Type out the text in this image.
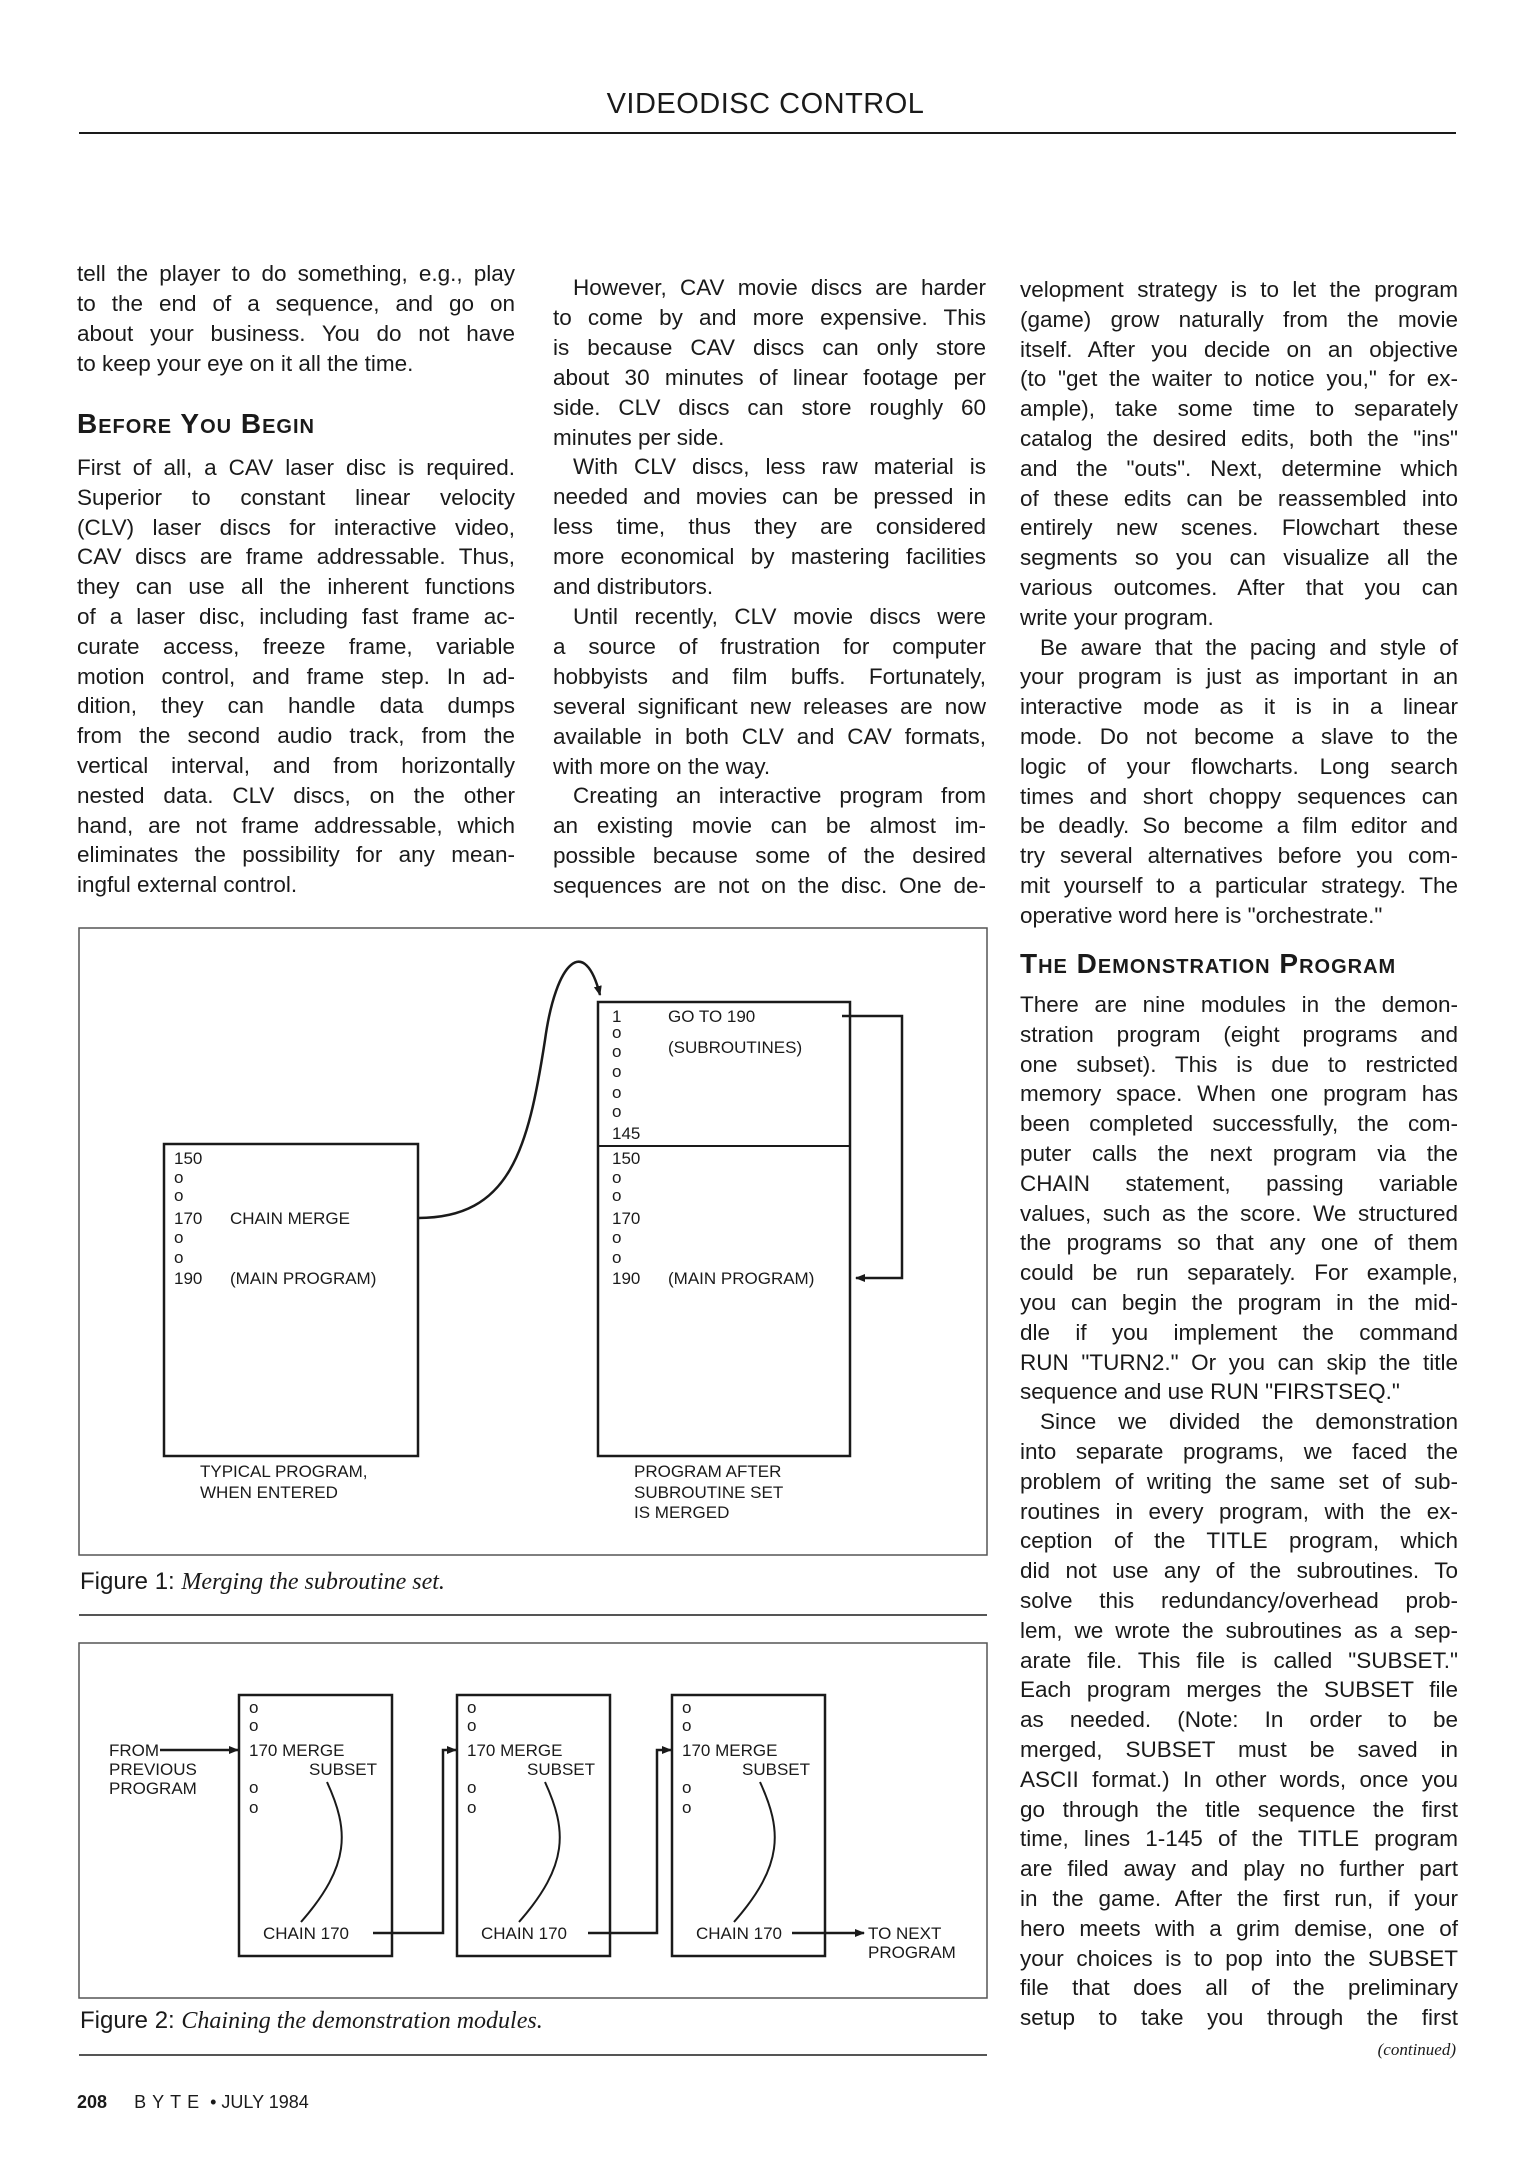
VIDEODISC CONTROL
tell the player to do something, e.g., play
to the end of a sequence, and go on
about your business. You do not have
to keep your eye on it all the time.
Before You Begin
First of all, a CAV laser disc is required.
Superior to constant linear velocity
(CLV) laser discs for interactive video,
CAV discs are frame addressable. Thus,
they can use all the inherent functions
of a laser disc, including fast frame ac-
curate access, freeze frame, variable
motion control, and frame step. In ad-
dition, they can handle data dumps
from the second audio track, from the
vertical interval, and from horizontally
nested data. CLV discs, on the other
hand, are not frame addressable, which
eliminates the possibility for any mean-
ingful external control.
However, CAV movie discs are harder
to come by and more expensive. This
is because CAV discs can only store
about 30 minutes of linear footage per
side. CLV discs can store roughly 60
minutes per side.
With CLV discs, less raw material is
needed and movies can be pressed in
less time, thus they are considered
more economical by mastering facilities
and distributors.
Until recently, CLV movie discs were
a source of frustration for computer
hobbyists and film buffs. Fortunately,
several significant new releases are now
available in both CLV and CAV formats,
with more on the way.
Creating an interactive program from
an existing movie can be almost im-
possible because some of the desired
sequences are not on the disc. One de-
velopment strategy is to let the program
(game) grow naturally from the movie
itself. After you decide on an objective
(to "get the waiter to notice you," for ex-
ample), take some time to separately
catalog the desired edits, both the "ins"
and the "outs". Next, determine which
of these edits can be reassembled into
entirely new scenes. Flowchart these
segments so you can visualize all the
various outcomes. After that you can
write your program.
Be aware that the pacing and style of
your program is just as important in an
interactive mode as it is in a linear
mode. Do not become a slave to the
logic of your flowcharts. Long search
times and short choppy sequences can
be deadly. So become a film editor and
try several alternatives before you com-
mit yourself to a particular strategy. The
operative word here is "orchestrate."
The Demonstration Program
There are nine modules in the demon-
stration program (eight programs and
one subset). This is due to restricted
memory space. When one program has
been completed successfully, the com-
puter calls the next program via the
CHAIN statement, passing variable
values, such as the score. We structured
the programs so that any one of them
could be run separately. For example,
you can begin the program in the mid-
dle if you implement the command
RUN "TURN2." Or you can skip the title
sequence and use RUN "FIRSTSEQ."
Since we divided the demonstration
into separate programs, we faced the
problem of writing the same set of sub-
routines in every program, with the ex-
ception of the TITLE program, which
did not use any of the subroutines. To
solve this redundancy/overhead prob-
lem, we wrote the subroutines as a sep-
arate file. This file is called "SUBSET."
Each program merges the SUBSET file
as needed. (Note: In order to be
merged, SUBSET must be saved in
ASCII format.) In other words, once you
go through the title sequence the first
time, lines 1-145 of the TITLE program
are filed away and play no further part
in the game. After the first run, if your
hero meets with a grim demise, one of
your choices is to pop into the SUBSET
file that does all of the preliminary
setup to take you through the first
(continued)
150
o
o
170 CHAIN MERGE
o
o
190 (MAIN PROGRAM)
TYPICAL PROGRAM,
WHEN ENTERED
1	GO TO 190
o
(SUBROUTINES)
o
o
o
o
145
150
o
o
170
o
o
190 (MAIN PROGRAM)
PROGRAM AFTER
SUBROUTINE SET
IS MERGED
FROM
PREVIOUS
PROGRAM
o
o
170 MERGE
SUBSET
o
o
CHAIN 170
o
o
170 MERGE
SUBSET
o
o
CHAIN 170
o
o
170 MERGE
SUBSET
o
o
CHAIN 170	TO NEXT
PROGRAM
Figure 1: Merging the subroutine set.
Figure 2: Chaining the demonstration modules.
208 BYTE • JULY 1984
